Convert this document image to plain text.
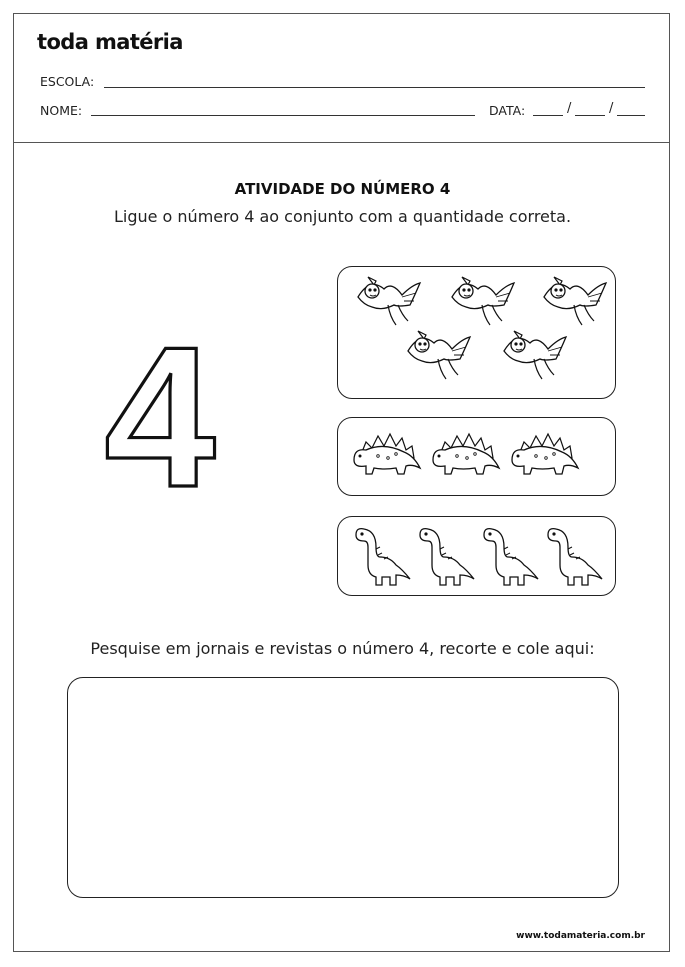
toda matéria
ESCOLA:
NOME:	DATA:	/	/
ATIVIDADE DO NÚMERO 4
Ligue o número 4 ao conjunto com a quantidade correta.
4
Pesquise em jornais e revistas o número 4, recorte e cole aqui:
www.todamateria.com.br
